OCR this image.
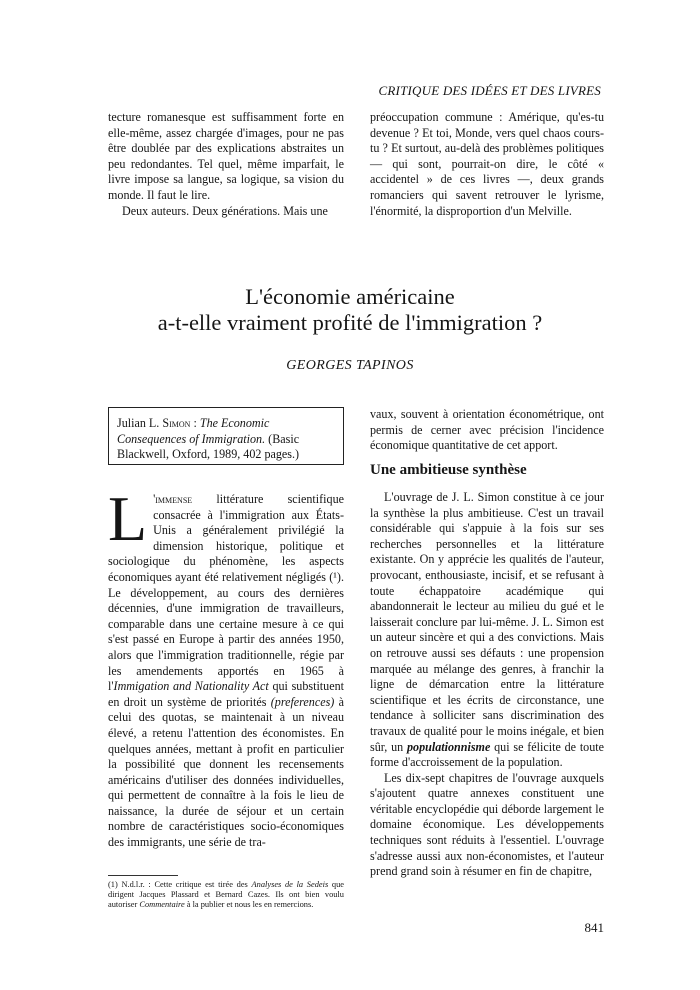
CRITIQUE DES IDÉES ET DES LIVRES

tecture romanesque est suffisamment forte en elle-même, assez chargée d'images, pour ne pas être doublée par des explications abstraites un peu redondantes. Tel quel, même imparfait, le livre impose sa langue, sa logique, sa vision du monde. Il faut le lire.

Deux auteurs. Deux générations. Mais une

préoccupation commune : Amérique, qu'es-tu devenue ? Et toi, Monde, vers quel chaos cours-tu ? Et surtout, au-delà des problèmes politiques — qui sont, pourrait-on dire, le côté « accidentel » de ces livres —, deux grands romanciers qui savent retrouver le lyrisme, l'énormité, la disproportion d'un Melville.

L'économie américaine
a-t-elle vraiment profité de l'immigration ?
GEORGES TAPINOS
Julian L. Simon : The Economic Consequences of Immigration. (Basic Blackwell, Oxford, 1989, 402 pages.)

L 'immense littérature scientifique consacrée à l'immigration aux États-Unis a généralement privilégié la dimension historique, politique et sociologique du phénomène, les aspects économiques ayant été relativement négligés (¹). Le développement, au cours des dernières décennies, d'une immigration de travailleurs, comparable dans une certaine mesure à ce qui s'est passé en Europe à partir des années 1950, alors que l'immigration traditionnelle, régie par les amendements apportés en 1965 à l'Immigation and Nationality Act qui substituent en droit un système de priorités (preferences) à celui des quotas, se maintenait à un niveau élevé, a retenu l'attention des économistes. En quelques années, mettant à profit en particulier la possibilité que donnent les recensements américains d'utiliser des données individuelles, qui permettent de connaître à la fois le lieu de naissance, la durée de séjour et un certain nombre de caractéristiques socio-économiques des immigrants, une série de tra-

(1) N.d.l.r. : Cette critique est tirée des Analyses de la Sedeis que dirigent Jacques Plassard et Bernard Cazes. Ils ont bien voulu autoriser Commentaire à la publier et nous les en remercions.

vaux, souvent à orientation économétrique, ont permis de cerner avec précision l'incidence économique quantitative de cet apport.

Une ambitieuse synthèse

L'ouvrage de J. L. Simon constitue à ce jour la synthèse la plus ambitieuse. C'est un travail considérable qui s'appuie à la fois sur ses recherches personnelles et la littérature existante. On y apprécie les qualités de l'auteur, provocant, enthousiaste, incisif, et se refusant à toute échappatoire académique qui abandonnerait le lecteur au milieu du gué et le laisserait conclure par lui-même. J. L. Simon est un auteur sincère et qui a des convictions. Mais on retrouve aussi ses défauts : une propension marquée au mélange des genres, à franchir la ligne de démarcation entre la littérature scientifique et les écrits de circonstance, une tendance à solliciter sans discrimination des travaux de qualité pour le moins inégale, et bien sûr, un populationnisme qui se félicite de toute forme d'accroissement de la population.

Les dix-sept chapitres de l'ouvrage auxquels s'ajoutent quatre annexes constituent une véritable encyclopédie qui déborde largement le domaine économique. Les développements techniques sont réduits à l'essentiel. L'ouvrage s'adresse aussi aux non-économistes, et l'auteur prend grand soin à résumer en fin de chapitre,

841
